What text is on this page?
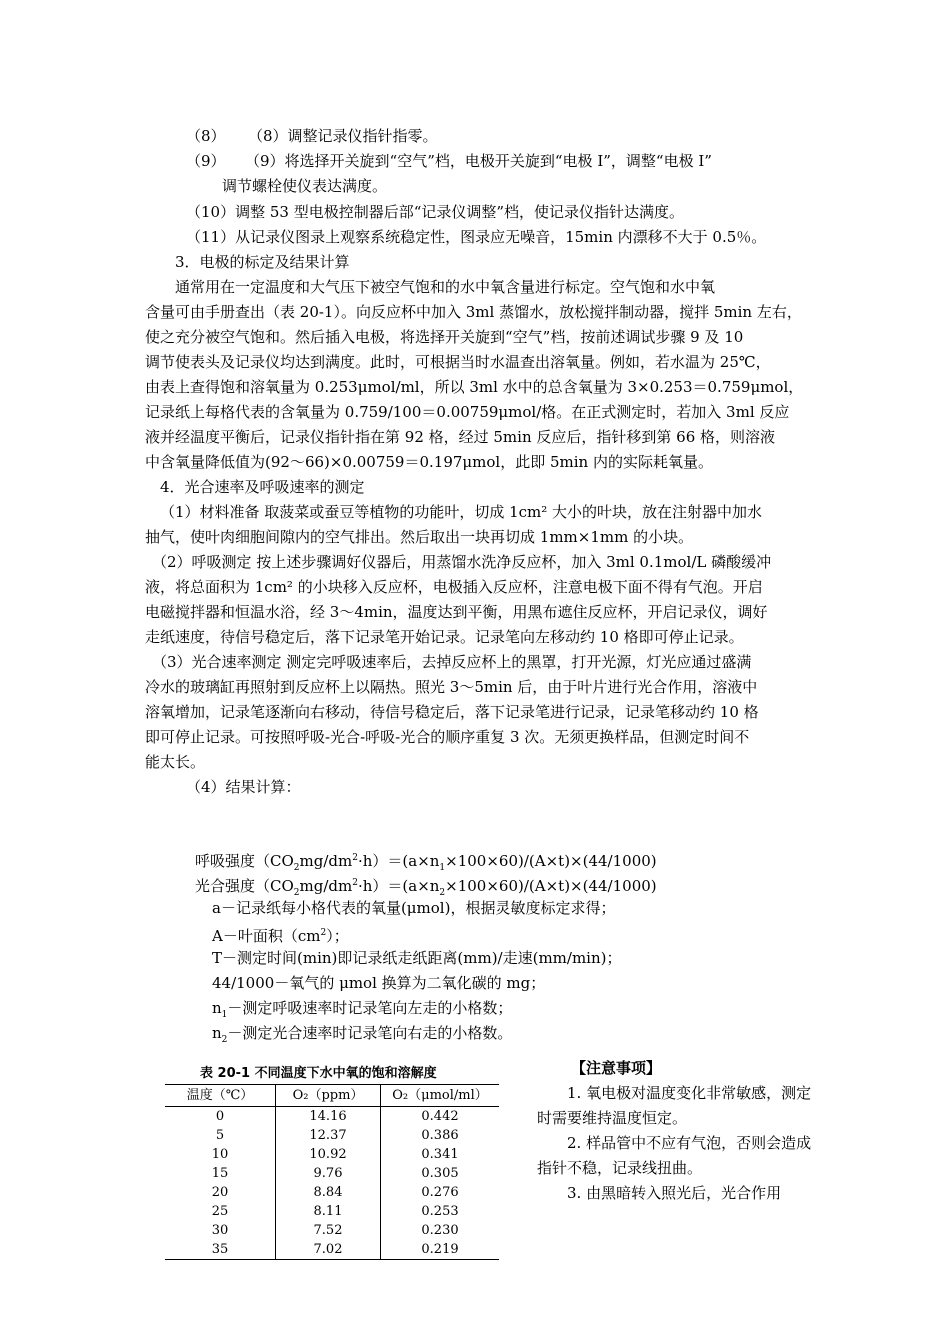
（8） （8）调整记录仪指针指零。
（9） （9）将选择开关旋到“空气”档，电极开关旋到“电极 Ⅰ”，调整“电极 Ⅰ”
调节螺栓使仪表达满度。
（10）调整 53 型电极控制器后部“记录仪调整”档，使记录仪指针达满度。
（11）从记录仪图录上观察系统稳定性，图录应无噪音，15min 内漂移不大于 0.5％。
3．电极的标定及结果计算
通常用在一定温度和大气压下被空气饱和的水中氧含量进行标定。空气饱和水中氧
含量可由手册查出（表 20-1）。向反应杯中加入 3ml 蒸馏水，放松搅拌制动器，搅拌 5min 左右，
使之充分被空气饱和。然后插入电极，将选择开关旋到“空气”档，按前述调试步骤 9 及 10
调节使表头及记录仪均达到满度。此时，可根据当时水温查出溶氧量。例如，若水温为 25℃，
由表上查得饱和溶氧量为 0.253μmol/ml，所以 3ml 水中的总含氧量为 3×0.253＝0.759μmol，
记录纸上每格代表的含氧量为 0.759/100＝0.00759μmol/格。在正式测定时，若加入 3ml 反应
液并经温度平衡后，记录仪指针指在第 92 格，经过 5min 反应后，指针移到第 66 格，则溶液
中含氧量降低值为(92～66)×0.00759＝0.197μmol，此即 5min 内的实际耗氧量。
4．光合速率及呼吸速率的测定
（1）材料准备 取菠菜或蚕豆等植物的功能叶，切成 1cm² 大小的叶块，放在注射器中加水
抽气，使叶肉细胞间隙内的空气排出。然后取出一块再切成 1mm×1mm 的小块。
（2）呼吸测定 按上述步骤调好仪器后，用蒸馏水洗净反应杯，加入 3ml 0.1mol/L 磷酸缓冲
液，将总面积为 1cm² 的小块移入反应杯，电极插入反应杯，注意电极下面不得有气泡。开启
电磁搅拌器和恒温水浴，经 3～4min，温度达到平衡，用黑布遮住反应杯，开启记录仪，调好
走纸速度，待信号稳定后，落下记录笔开始记录。记录笔向左移动约 10 格即可停止记录。
（3）光合速率测定 测定完呼吸速率后，去掉反应杯上的黑罩，打开光源，灯光应通过盛满
冷水的玻璃缸再照射到反应杯上以隔热。照光 3～5min 后，由于叶片进行光合作用，溶液中
溶氧增加，记录笔逐渐向右移动，待信号稳定后，落下记录笔进行记录，记录笔移动约 10 格
即可停止记录。可按照呼吸-光合-呼吸-光合的顺序重复 3 次。无须更换样品，但测定时间不
能太长。
（4）结果计算：
呼吸强度$(CO_2mg/dm^2\cdot h)=(a\times n_1\times 100\times 60)/(A\times t)\times(44/1000)$
光合强度$(CO_2mg/dm^2\cdot h)=(a\times n_2\times 100\times 60)/(A\times t)\times(44/1000)$
a－记录纸每小格代表的氧量(μmol)，根据灵敏度标定求得；
A－叶面积$(cm^2)$；
T－测定时间(min)即记录纸走纸距离(mm)/走速(mm/min)；
44/1000－氧气的 μmol 换算为二氧化碳的 mg；
$n_1-$测定呼吸速率时记录笔向左走的小格数；
$n_2-$测定光合速率时记录笔向右走的小格数。
表 20-1 不同温度下水中氧的饱和溶解度
温度（℃）	O₂（ppm）	O₂（μmol/ml）
0	14.16	0.442
5	12.37	0.386
10	10.92	0.341
15	9.76	0.305
20	8.84	0.276
25	8.11	0.253
30	7.52	0.230
35	7.02	0.219
【注意事项】
1. 氧电极对温度变化非常敏感，测定时需要维持温度恒定。
2. 样品管中不应有气泡，否则会造成指针不稳，记录线扭曲。
3. 由黑暗转入照光后，光合作用
